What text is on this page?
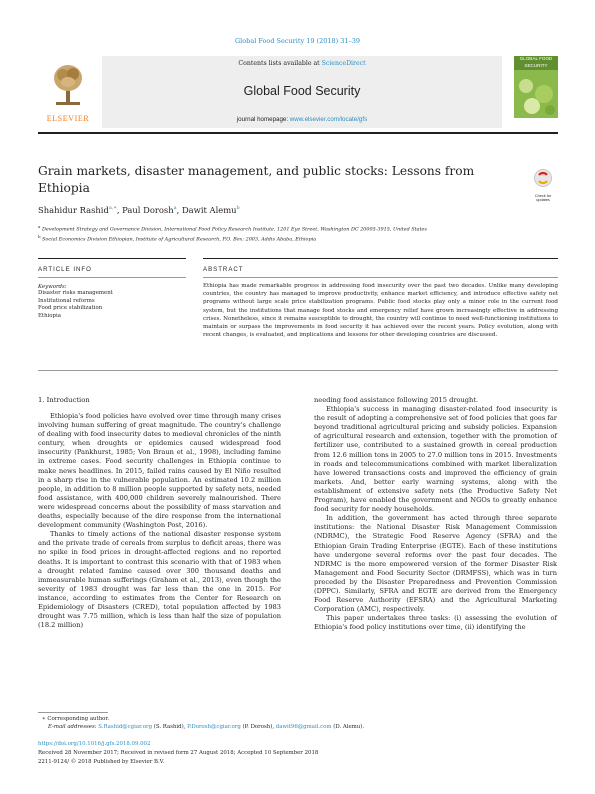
Global Food Security 19 (2018) 31–39
ELSEVIER
Contents lists available at ScienceDirect
Global Food Security
journal homepage: www.elsevier.com/locate/gfs
GLOBAL FOOD SECURITY
Grain markets, disaster management, and public stocks: Lessons from Ethiopia
Check for updates
Shahidur Rashid$^{a,∗}$, Paul Dorosh$^a$, Dawit Alemu$^b$
$^a$ Development Strategy and Governance Division, International Food Policy Research Institute, 1201 Eye Street, Washington DC 20005-3915, United States
$^b$ Social Economics Division Ethiopian, Institute of Agricultural Research, P.O. Box: 2003, Addis Ababa, Ethiopia
ARTICLE INFO	ABSTRACT
Keywords:
Disaster risks management
Institutional reforms
Food price stabilization
Ethiopia
Ethiopia has made remarkable progress in addressing food insecurity over the past two decades. Unlike many developing countries, the country has managed to improve productivity, enhance market efficiency, and introduce effective safety net programs without large scale price stabilization programs. Public food stocks play only a minor role in the current food system, but the institutions that manage food stocks and emergency relief have grown increasingly effective in addressing crises. Nonetheless, since it remains susceptible to drought, the country will continue to need well-functioning institutions to maintain or surpass the improvements in food security it has achieved over the recent years. Policy evolution, along with recent changes, is evaluated, and implications and lessons for other developing countries are discussed.
1. Introduction

Ethiopia's food policies have evolved over time through many crises involving human suffering of great magnitude. The country's challenge of dealing with food insecurity dates to medieval chronicles of the ninth century, when droughts or epidemics caused widespread food insecurity (Pankhurst, 1985; Von Braun et al., 1998), including famine in extreme cases. Food security challenges in Ethiopia continue to make news headlines. In 2015, failed rains caused by El Niño resulted in a sharp rise in the vulnerable population. An estimated 10.2 million people, in addition to 8 million people supported by safety nets, needed food assistance, with 400,000 children severely malnourished. There were widespread concerns about the possibility of mass starvation and deaths, especially because of the dire response from the international development community (Washington Post, 2016).

Thanks to timely actions of the national disaster response system and the private trade of cereals from surplus to deficit areas, there was no spike in food prices in drought-affected regions and no reported deaths. It is important to contrast this scenario with that of 1983 when a drought related famine caused over 300 thousand deaths and immeasurable human sufferings (Graham et al., 2013), even though the severity of 1983 drought was far less than the one in 2015. For instance, according to estimates from the Center for Research on Epidemiology of Disasters (CRED), total population affected by 1983 drought was 7.75 million, which is less than half the size of population (18.2 million)

needing food assistance following 2015 drought.

Ethiopia's success in managing disaster-related food insecurity is the result of adopting a comprehensive set of food policies that goes far beyond traditional agricultural pricing and subsidy policies. Expansion of agricultural research and extension, together with the promotion of fertilizer use, contributed to a sustained growth in cereal production from 12.6 million tons in 2005 to 27.0 million tons in 2015. Investments in roads and telecommunications combined with market liberalization have lowered transactions costs and improved the efficiency of grain markets. And, better early warning systems, along with the establishment of extensive safety nets (the Productive Safety Net Program), have enabled the government and NGOs to greatly enhance food security for needy households.

In addition, the government has acted through three separate institutions: the National Disaster Risk Management Commission (NDRMC), the Strategic Food Reserve Agency (SFRA) and the Ethiopian Grain Trading Enterprise (EGTE). Each of these institutions have undergone several reforms over the past four decades. The NDRMC is the more empowered version of the former Disaster Risk Management and Food Security Sector (DRMFSS), which was in turn preceded by the Disaster Preparedness and Prevention Commission (DPPC). Similarly, SFRA and EGTE are derived from the Emergency Food Reserve Authority (EFSRA) and the Agricultural Marketing Corporation (AMC), respectively.

This paper undertakes three tasks: (i) assessing the evolution of Ethiopia's food policy institutions over time, (ii) identifying the

∗ Corresponding author.
E-mail addresses: S.Rashid@cgiar.org (S. Rashid), P.Dorosh@cgiar.org (P. Dorosh), dawit96@gmail.com (D. Alemu).
https://doi.org/10.1016/j.gfs.2018.09.002
Received 28 November 2017; Received in revised form 27 August 2018; Accepted 10 September 2018
2211-9124/ © 2018 Published by Elsevier B.V.
